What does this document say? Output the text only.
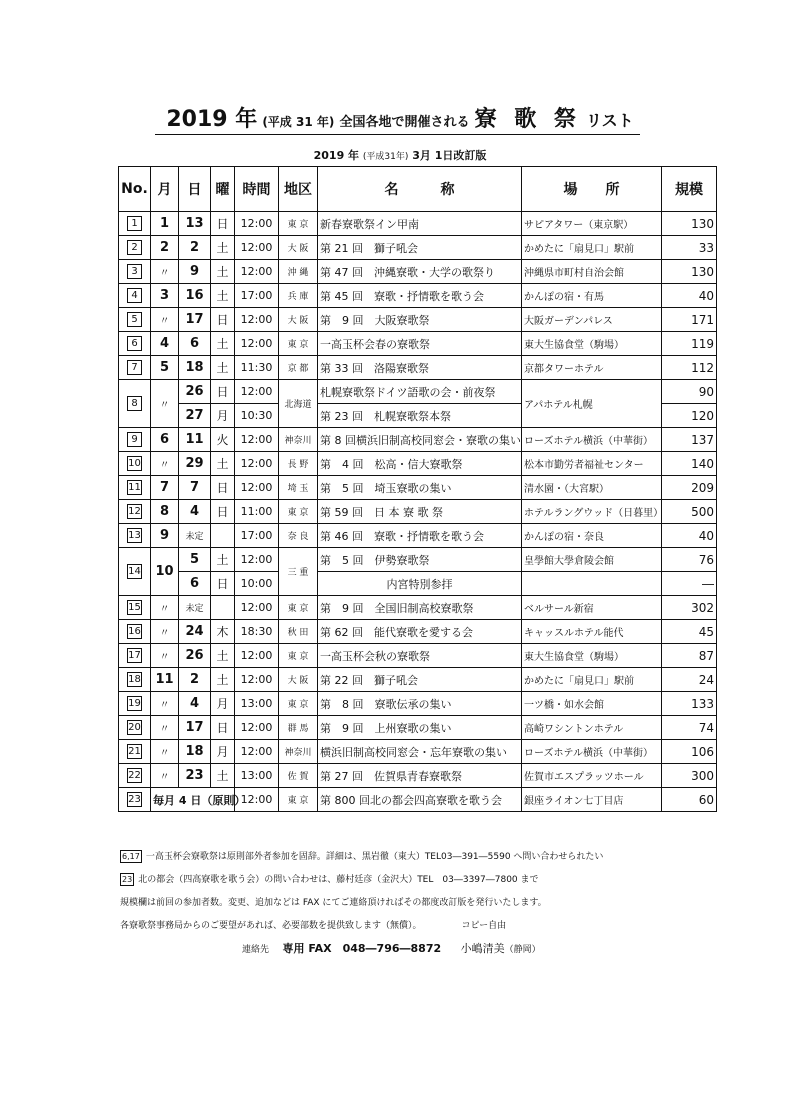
2019 年 (平成 31 年) 全国各地で開催される 寮 歌 祭 リスト
2019 年 (平成31年) 3月 1日改訂版
No.	月	日	曜	時間	地区	名　　　称	場　　所	規模
1	1	13	日	12:00	東 京	新春寮歌祭イン甲南	サピアタワー（東京駅）	130
2	2	2	土	12:00	大 阪	第 21 回　獅子吼会	かめたに「扇見口」駅前	33
3	〃	9	土	12:00	沖 縄	第 47 回　沖縄寮歌・大学の歌祭り	沖縄県市町村自治会館	130
4	3	16	土	17:00	兵 庫	第 45 回　寮歌・抒情歌を歌う会	かんぽの宿・有馬	40
5	〃	17	日	12:00	大 阪	第　9 回　大阪寮歌祭	大阪ガーデンパレス	171
6	4	6	土	12:00	東 京	一高玉杯会春の寮歌祭	東大生協食堂（駒場）	119
7	5	18	土	11:30	京 都	第 33 回　洛陽寮歌祭	京都タワーホテル	112
8	〃	26	日	12:00	北海道	札幌寮歌祭ドイツ語歌の会・前夜祭	アパホテル札幌	90
		27	月	10:30		第 23 回　札幌寮歌祭本祭		120
9	6	11	火	12:00	神奈川	第 8 回横浜旧制高校同窓会・寮歌の集い	ローズホテル横浜（中華街）	137
10	〃	29	土	12:00	長 野	第　4 回　松高・信大寮歌祭	松本市勤労者福祉センター	140
11	7	7	日	12:00	埼 玉	第　5 回　埼玉寮歌の集い	清水園・（大宮駅）	209
12	8	4	日	11:00	東 京	第 59 回　日 本 寮 歌 祭	ホテルラングウッド（日暮里）	500
13	9	未定		17:00	奈 良	第 46 回　寮歌・抒情歌を歌う会	かんぽの宿・奈良	40
14	10	5	土	12:00	三 重	第　5 回　伊勢寮歌祭	皇學館大學倉陵会館	76
		6	日	10:00		内宮特別参拝		―
15	〃	未定		12:00	東 京	第　9 回　全国旧制高校寮歌祭	ベルサール新宿	302
16	〃	24	木	18:30	秋 田	第 62 回　能代寮歌を愛する会	キャッスルホテル能代	45
17	〃	26	土	12:00	東 京	一高玉杯会秋の寮歌祭	東大生協食堂（駒場）	87
18	11	2	土	12:00	大 阪	第 22 回　獅子吼会	かめたに「扇見口」駅前	24
19	〃	4	月	13:00	東 京	第　8 回　寮歌伝承の集い	一ツ橋・如水会館	133
20	〃	17	日	12:00	群 馬	第　9 回　上州寮歌の集い	高崎ワシントンホテル	74
21	〃	18	月	12:00	神奈川	横浜旧制高校同窓会・忘年寮歌の集い	ローズホテル横浜（中華街）	106
22	〃	23	土	13:00	佐 賀	第 27 回　佐賀県青春寮歌祭	佐賀市エスプラッツホール	300
23	毎月 4 日（原則）			12:00	東 京	第 800 回北の都会四高寮歌を歌う会	銀座ライオン七丁目店	60
6,17 一高玉杯会寮歌祭は原則部外者参加を固辞。詳細は、黒岩徹（東大）TEL03―391―5590 へ問い合わせられたい
23 北の都会（四高寮歌を歌う会）の問い合わせは、藤村廷彦（金沢大）TEL　03―3397―7800 まで
規模欄は前回の参加者数。変更、追加などは FAX にてご連絡頂ければその都度改訂版を発行いたします。
各寮歌祭事務局からのご要望があれば、必要部数を提供致します（無償）。	コピー自由
連絡先 専用 FAX　048―796―8872 小嶋清美（静岡）
